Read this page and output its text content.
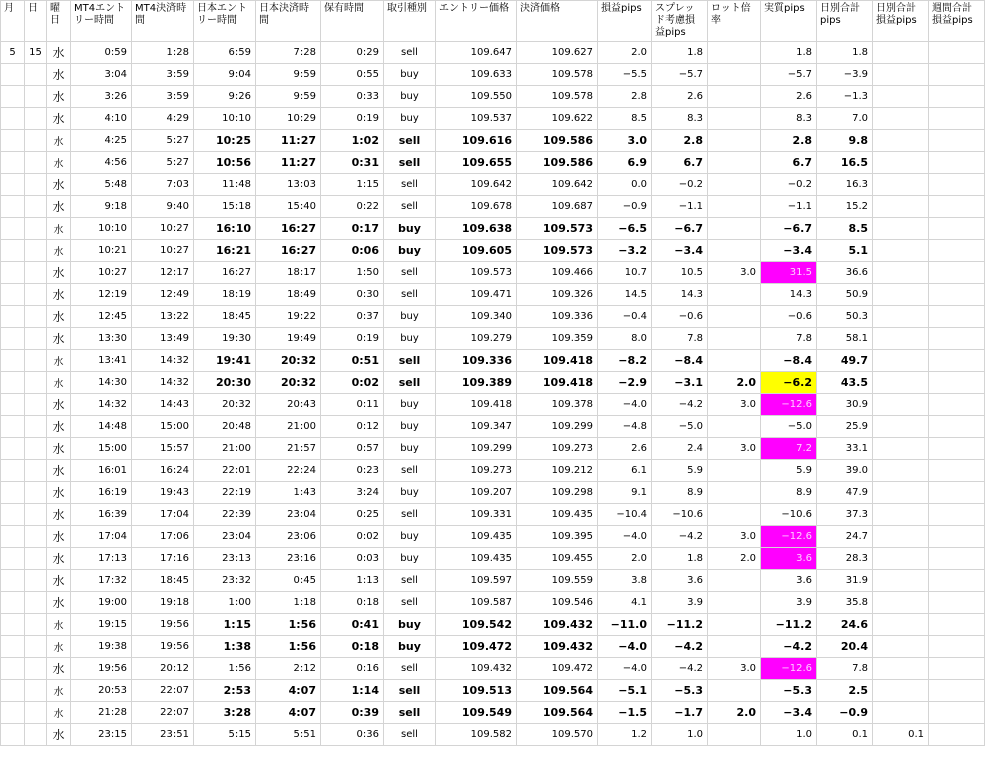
月	日	曜日	MT4エントリー時間	MT4決済時間	日本エントリー時間	日本決済時間	保有時間	取引種別	エントリー価格	決済価格	損益pips	スプレッド考慮損益pips	ロット倍率	実質pips	日別合計pips	日別合計損益pips	週間合計損益pips
5	15	水	0:59	1:28	6:59	7:28	0:29	sell	109.647	109.627	2.0	1.8		1.8	1.8		
		水	3:04	3:59	9:04	9:59	0:55	buy	109.633	109.578	−5.5	−5.7		−5.7	−3.9		
		水	3:26	3:59	9:26	9:59	0:33	buy	109.550	109.578	2.8	2.6		2.6	−1.3		
		水	4:10	4:29	10:10	10:29	0:19	buy	109.537	109.622	8.5	8.3		8.3	7.0		
		水	4:25	5:27	10:25	11:27	1:02	sell	109.616	109.586	3.0	2.8		2.8	9.8		
		水	4:56	5:27	10:56	11:27	0:31	sell	109.655	109.586	6.9	6.7		6.7	16.5		
		水	5:48	7:03	11:48	13:03	1:15	sell	109.642	109.642	0.0	−0.2		−0.2	16.3		
		水	9:18	9:40	15:18	15:40	0:22	sell	109.678	109.687	−0.9	−1.1		−1.1	15.2		
		水	10:10	10:27	16:10	16:27	0:17	buy	109.638	109.573	−6.5	−6.7		−6.7	8.5		
		水	10:21	10:27	16:21	16:27	0:06	buy	109.605	109.573	−3.2	−3.4		−3.4	5.1		
		水	10:27	12:17	16:27	18:17	1:50	sell	109.573	109.466	10.7	10.5	3.0	31.5	36.6		
		水	12:19	12:49	18:19	18:49	0:30	sell	109.471	109.326	14.5	14.3		14.3	50.9		
		水	12:45	13:22	18:45	19:22	0:37	buy	109.340	109.336	−0.4	−0.6		−0.6	50.3		
		水	13:30	13:49	19:30	19:49	0:19	buy	109.279	109.359	8.0	7.8		7.8	58.1		
		水	13:41	14:32	19:41	20:32	0:51	sell	109.336	109.418	−8.2	−8.4		−8.4	49.7		
		水	14:30	14:32	20:30	20:32	0:02	sell	109.389	109.418	−2.9	−3.1	2.0	−6.2	43.5		
		水	14:32	14:43	20:32	20:43	0:11	buy	109.418	109.378	−4.0	−4.2	3.0	−12.6	30.9		
		水	14:48	15:00	20:48	21:00	0:12	buy	109.347	109.299	−4.8	−5.0		−5.0	25.9		
		水	15:00	15:57	21:00	21:57	0:57	buy	109.299	109.273	2.6	2.4	3.0	7.2	33.1		
		水	16:01	16:24	22:01	22:24	0:23	sell	109.273	109.212	6.1	5.9		5.9	39.0		
		水	16:19	19:43	22:19	1:43	3:24	buy	109.207	109.298	9.1	8.9		8.9	47.9		
		水	16:39	17:04	22:39	23:04	0:25	sell	109.331	109.435	−10.4	−10.6		−10.6	37.3		
		水	17:04	17:06	23:04	23:06	0:02	buy	109.435	109.395	−4.0	−4.2	3.0	−12.6	24.7		
		水	17:13	17:16	23:13	23:16	0:03	buy	109.435	109.455	2.0	1.8	2.0	3.6	28.3		
		水	17:32	18:45	23:32	0:45	1:13	sell	109.597	109.559	3.8	3.6		3.6	31.9		
		水	19:00	19:18	1:00	1:18	0:18	sell	109.587	109.546	4.1	3.9		3.9	35.8		
		水	19:15	19:56	1:15	1:56	0:41	buy	109.542	109.432	−11.0	−11.2		−11.2	24.6		
		水	19:38	19:56	1:38	1:56	0:18	buy	109.472	109.432	−4.0	−4.2		−4.2	20.4		
		水	19:56	20:12	1:56	2:12	0:16	sell	109.432	109.472	−4.0	−4.2	3.0	−12.6	7.8		
		水	20:53	22:07	2:53	4:07	1:14	sell	109.513	109.564	−5.1	−5.3		−5.3	2.5		
		水	21:28	22:07	3:28	4:07	0:39	sell	109.549	109.564	−1.5	−1.7	2.0	−3.4	−0.9		
		水	23:15	23:51	5:15	5:51	0:36	sell	109.582	109.570	1.2	1.0		1.0	0.1	0.1	
